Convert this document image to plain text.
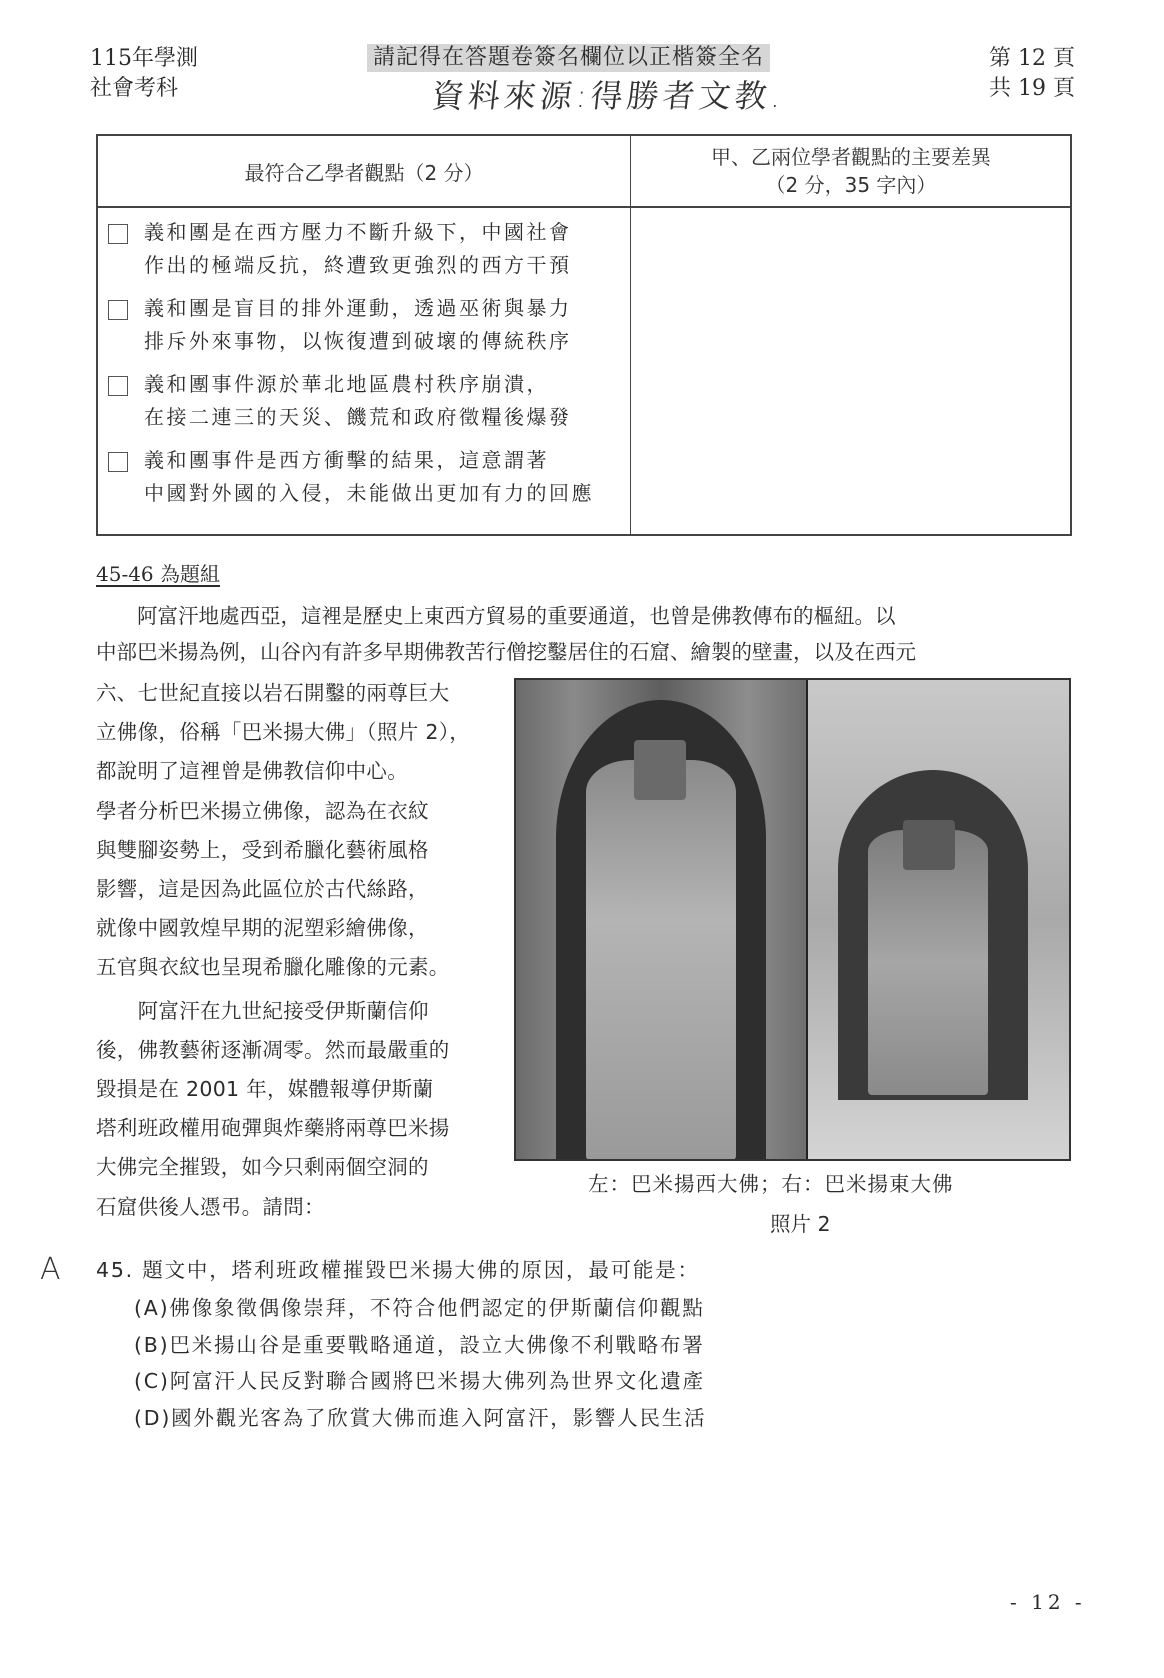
115年學測
社會考科
請記得在答題卷簽名欄位以正楷簽全名
資料來源:得勝者文教.
第 12 頁
共 19 頁
最符合乙學者觀點（2 分）
甲、乙兩位學者觀點的主要差異
（2 分，35 字內）
義和團是在西方壓力不斷升級下，中國社會
作出的極端反抗，終遭致更強烈的西方干預
義和團是盲目的排外運動，透過巫術與暴力
排斥外來事物，以恢復遭到破壞的傳統秩序
義和團事件源於華北地區農村秩序崩潰，
在接二連三的天災、饑荒和政府徵糧後爆發
義和團事件是西方衝擊的結果，這意謂著
中國對外國的入侵，未能做出更加有力的回應
45-46 為題組
　　阿富汗地處西亞，這裡是歷史上東西方貿易的重要通道，也曾是佛教傳布的樞紐。以
中部巴米揚為例，山谷內有許多早期佛教苦行僧挖鑿居住的石窟、繪製的壁畫，以及在西元
六、七世紀直接以岩石開鑿的兩尊巨大
立佛像，俗稱「巴米揚大佛」（照片 2），
都說明了這裡曾是佛教信仰中心。
學者分析巴米揚立佛像，認為在衣紋
與雙腳姿勢上，受到希臘化藝術風格
影響，這是因為此區位於古代絲路，
就像中國敦煌早期的泥塑彩繪佛像，
五官與衣紋也呈現希臘化雕像的元素。
　　阿富汗在九世紀接受伊斯蘭信仰
後，佛教藝術逐漸凋零。然而最嚴重的
毀損是在 2001 年，媒體報導伊斯蘭
塔利班政權用砲彈與炸藥將兩尊巴米揚
大佛完全摧毀，如今只剩兩個空洞的
石窟供後人憑弔。請問：
左：巴米揚西大佛；右：巴米揚東大佛
照片 2
A 45. 題文中，塔利班政權摧毀巴米揚大佛的原因，最可能是：
(A)佛像象徵偶像崇拜，不符合他們認定的伊斯蘭信仰觀點
(B)巴米揚山谷是重要戰略通道，設立大佛像不利戰略布署
(C)阿富汗人民反對聯合國將巴米揚大佛列為世界文化遺產
(D)國外觀光客為了欣賞大佛而進入阿富汗，影響人民生活
- 12 -
